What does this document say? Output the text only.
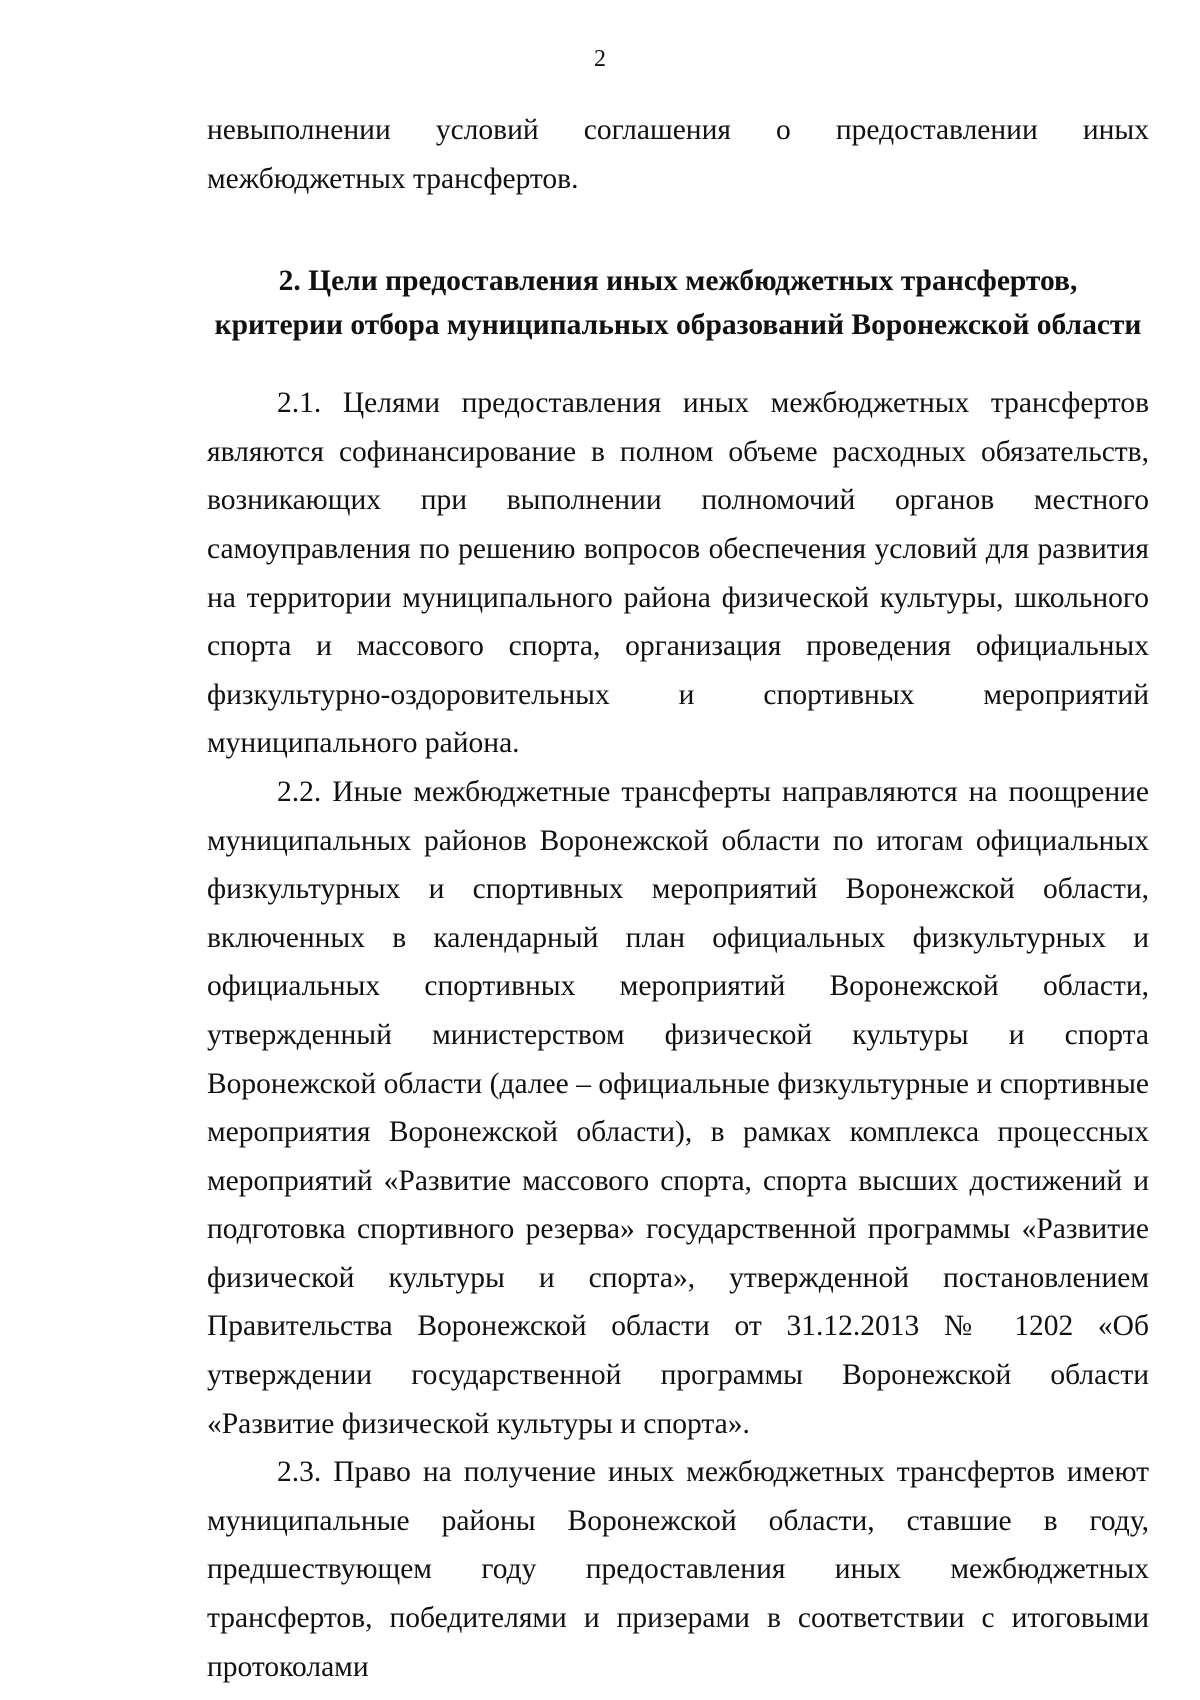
2

невыполнении условий соглашения о предоставлении иных межбюджетных трансфертов.

2. Цели предоставления иных межбюджетных трансфертов,
критерии отбора муниципальных образований Воронежской области

2.1. Целями предоставления иных межбюджетных трансфертов являются софинансирование в полном объеме расходных обязательств, возникающих при выполнении полномочий органов местного самоуправления по решению вопросов обеспечения условий для развития на территории муниципального района физической культуры, школьного спорта и массового спорта, организация проведения официальных физкультурно-оздоровительных и спортивных мероприятий муниципального района.

2.2. Иные межбюджетные трансферты направляются на поощрение муниципальных районов Воронежской области по итогам официальных физкультурных и спортивных мероприятий Воронежской области, включенных в календарный план официальных физкультурных и официальных спортивных мероприятий Воронежской области, утвержденный министерством физической культуры и спорта Воронежской области (далее – официальные физкультурные и спортивные мероприятия Воронежской области), в рамках комплекса процессных мероприятий «Развитие массового спорта, спорта высших достижений и подготовка спортивного резерва» государственной программы «Развитие физической культуры и спорта», утвержденной постановлением Правительства Воронежской области от 31.12.2013 № 1202 «Об утверждении государственной программы Воронежской области «Развитие физической культуры и спорта».

2.3. Право на получение иных межбюджетных трансфертов имеют муниципальные районы Воронежской области, ставшие в году, предшествующем году предоставления иных межбюджетных трансфертов, победителями и призерами в соответствии с итоговыми протоколами
